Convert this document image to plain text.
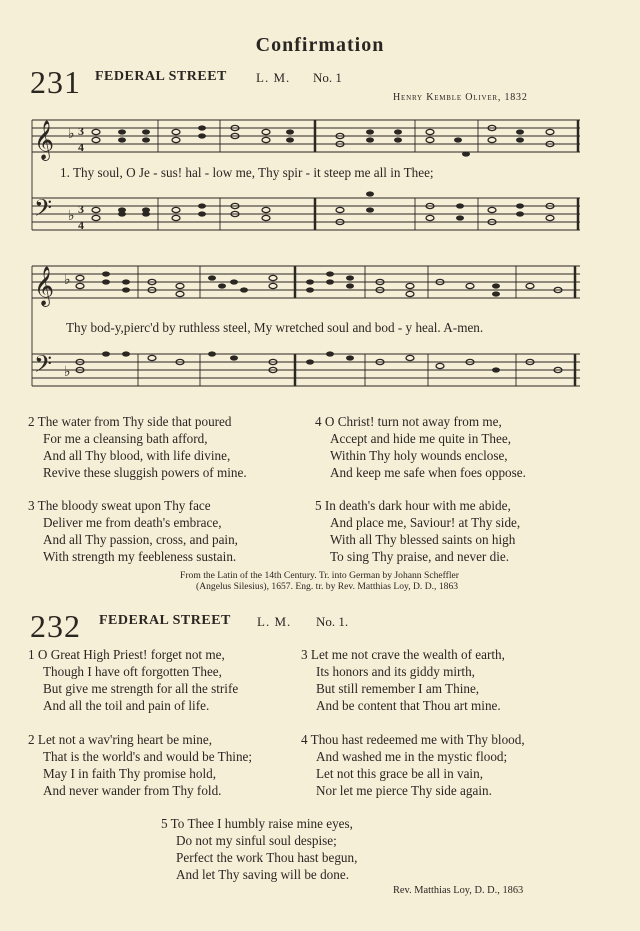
Confirmation
231 FEDERAL STREET L. M. No. 1
Henry Kemble Oliver, 1832
𝄞
𝄢
♭
♭
3
4
3
4
1. Thy soul, O Je - sus! hal - low me, Thy spir - it steep me all in Thee;
𝄞
𝄢
♭
♭
Thy bod-y,pierc'd by ruthless steel, My wretched soul and bod - y heal. A-men.
2 The water from Thy side that poured
For me a cleansing bath afford,
And all Thy blood, with life divine,
Revive these sluggish powers of mine.
3 The bloody sweat upon Thy face
Deliver me from death's embrace,
And all Thy passion, cross, and pain,
With strength my feebleness sustain.
4 O Christ! turn not away from me,
Accept and hide me quite in Thee,
Within Thy holy wounds enclose,
And keep me safe when foes oppose.
5 In death's dark hour with me abide,
And place me, Saviour! at Thy side,
With all Thy blessed saints on high
To sing Thy praise, and never die.
From the Latin of the 14th Century. Tr. into German by Johann Scheffler
(Angelus Silesius), 1657. Eng. tr. by Rev. Matthias Loy, D. D., 1863
232 FEDERAL STREET L. M. No. 1.
1 O Great High Priest! forget not me,
Though I have oft forgotten Thee,
But give me strength for all the strife
And all the toil and pain of life.
2 Let not a wav'ring heart be mine,
That is the world's and would be Thine;
May I in faith Thy promise hold,
And never wander from Thy fold.
3 Let me not crave the wealth of earth,
Its honors and its giddy mirth,
But still remember I am Thine,
And be content that Thou art mine.
4 Thou hast redeemed me with Thy blood,
And washed me in the mystic flood;
Let not this grace be all in vain,
Nor let me pierce Thy side again.
5 To Thee I humbly raise mine eyes,
Do not my sinful soul despise;
Perfect the work Thou hast begun,
And let Thy saving will be done.
Rev. Matthias Loy, D. D., 1863
